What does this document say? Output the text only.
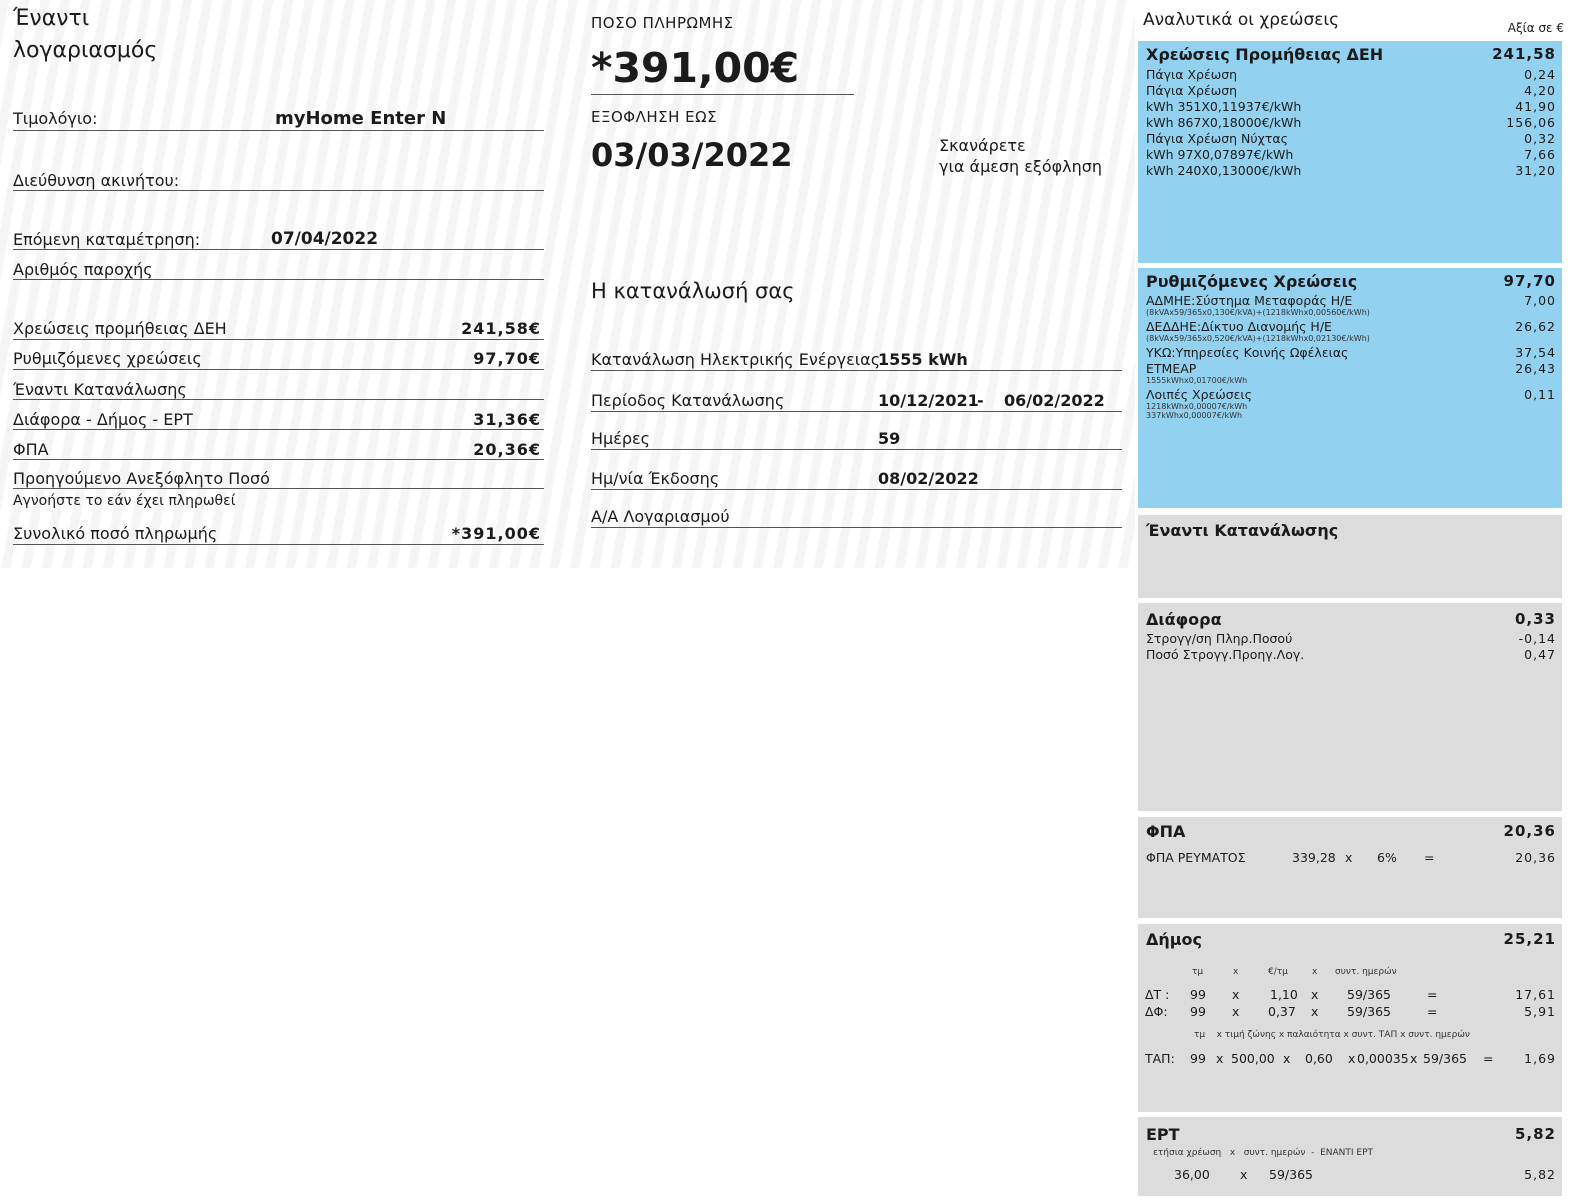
Έναντι
λογαριασμός
Τιμολόγιο:	myHome Enter N
Διεύθυνση ακινήτου:
Επόμενη καταμέτρηση:	07/04/2022
Αριθμός παροχής
Χρεώσεις προμήθειας ΔΕΗ	241,58€
Ρυθμιζόμενες χρεώσεις	97,70€
Έναντι Κατανάλωσης
Διάφορα - Δήμος - ΕΡΤ	31,36€
ΦΠΑ	20,36€
Προηγούμενο Ανεξόφλητο Ποσό
Αγνοήστε το εάν έχει πληρωθεί
Συνολικό ποσό πληρωμής	*391,00€
ΠΟΣΟ ΠΛΗΡΩΜΗΣ
*391,00€
ΕΞΟΦΛΗΣΗ ΕΩΣ
03/03/2022	Σκανάρετε
για άμεση εξόφληση
Η κατανάλωσή σας
Κατανάλωση Ηλεκτρικής Ενέργειας
1555 kWh
Περίοδος Κατανάλωσης	10/12/2021
- 06/02/2022
Ημέρες	59
Ημ/νία Έκδοσης	08/02/2022
Α/Α Λογαριασμού
Αναλυτικά οι χρεώσεις	Αξία σε €
Χρεώσεις Προμήθειας ΔΕΗ	241,58
Πάγια Χρέωση	0,24
Πάγια Χρέωση	4,20
kWh 351X0,11937€/kWh	41,90
kWh 867X0,18000€/kWh	156,06
Πάγια Χρέωση Νύχτας	0,32
kWh 97X0,07897€/kWh	7,66
kWh 240X0,13000€/kWh	31,20
Ρυθμιζόμενες Χρεώσεις	97,70
ΑΔΜΗΕ:Σύστημα Μεταφοράς Η/Ε	7,00
(8kVAx59/365x0,130€/kVA)+(1218kWhx0,00560€/kWh)
ΔΕΔΔΗΕ:Δίκτυο Διανομής Η/Ε	26,62
(8kVAx59/365x0,520€/kVA)+(1218kWhx0,02130€/kWh)
ΥΚΩ:Υπηρεσίες Κοινής Ωφέλειας	37,54
ΕΤΜΕΑΡ	26,43
1555kWhx0,01700€/kWh
Λοιπές Χρεώσεις	0,11
1218kWhx0,00007€/kWh
337kWhx0,00007€/kWh
Έναντι Κατανάλωσης
Διάφορα	0,33
Στρογγ/ση Πληρ.Ποσού	-0,14
Ποσό Στρογγ.Προηγ.Λογ.	0,47
ΦΠΑ	20,36
ΦΠΑ ΡΕΥΜΑΤΟΣ	339,28 x 6% =	20,36
Δήμος	25,21
τμ	x	€/τμ	x συντ. ημερών
ΔΤ : 99 x 1,10 x 59/365	=	17,61
ΔΦ: 99 x 0,37 x 59/365	=	5,91
τμ    x τιμή ζώνης x παλαιότητα x συντ. ΤΑΠ x συντ. ημερών
ΤΑΠ: 99 x 500,00 x 0,60 x 0,00035 x 59/365 = 1,69
ΕΡΤ	5,82
ετήσια χρέωση   x   συντ. ημερών  -  ΕΝΑΝΤΙ ΕΡΤ
36,00 x 59/365	5,82
